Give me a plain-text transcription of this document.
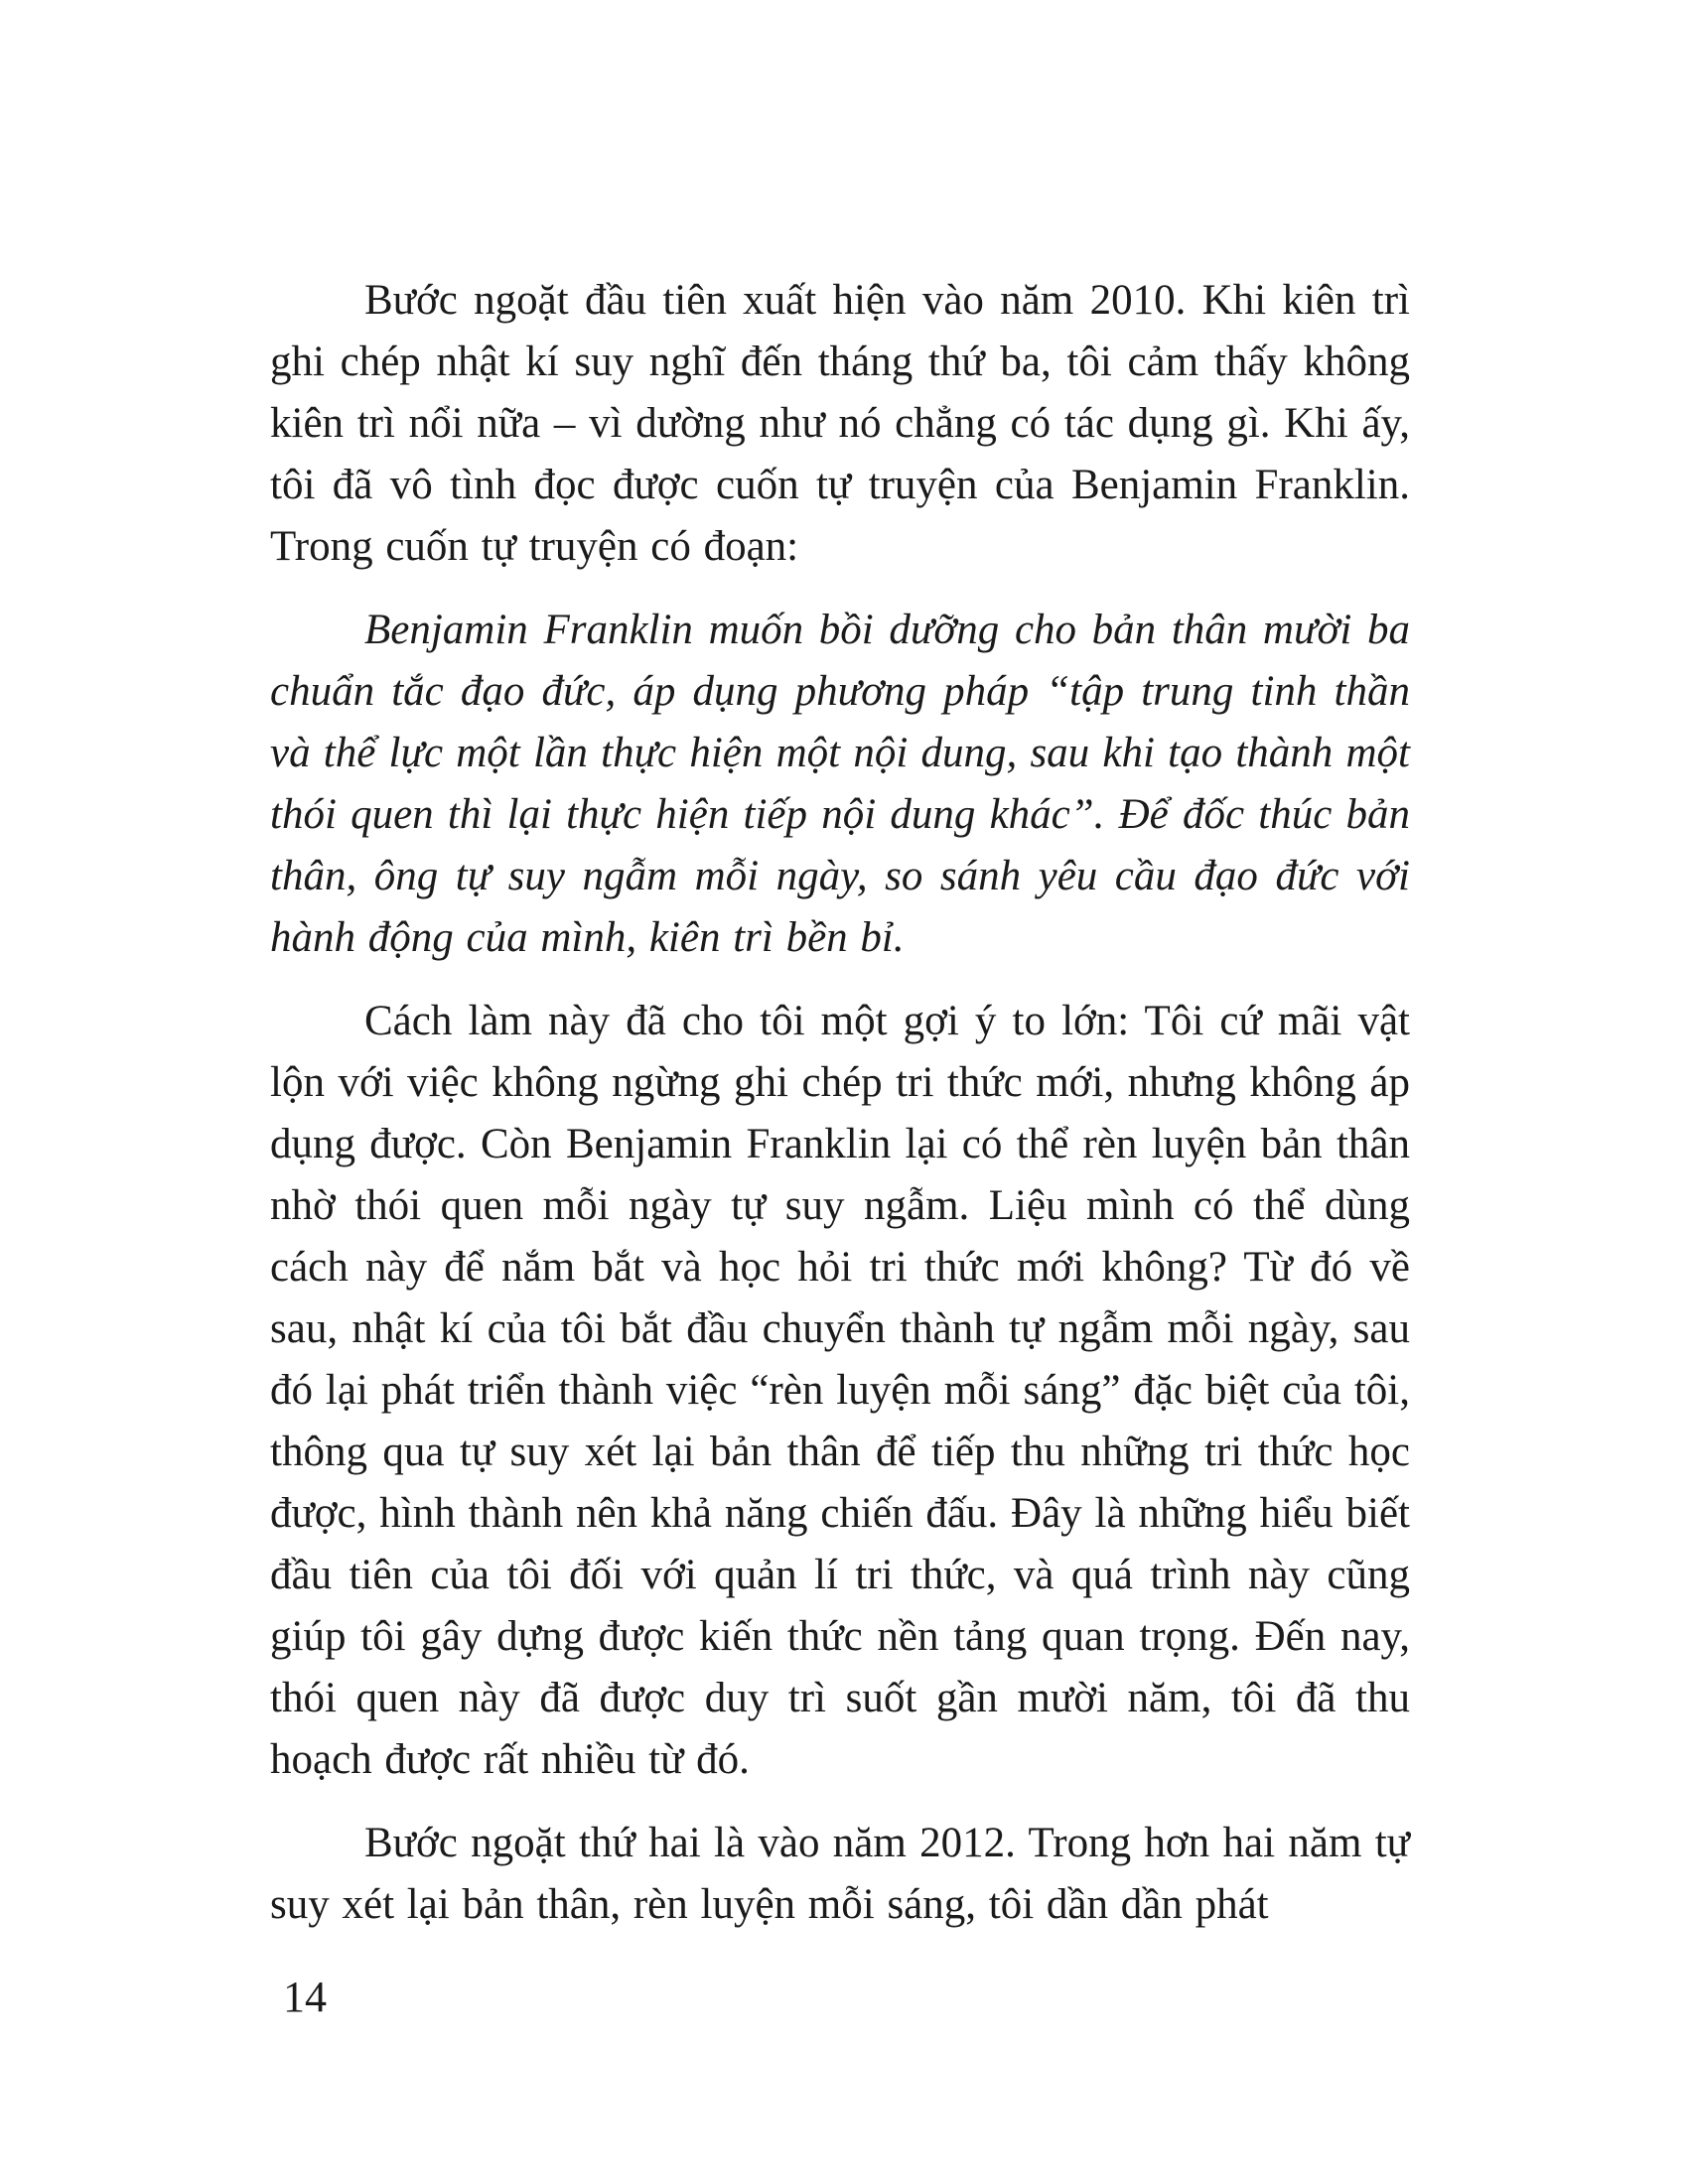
Bước ngoặt đầu tiên xuất hiện vào năm 2010. Khi kiên trì ghi chép nhật kí suy nghĩ đến tháng thứ ba, tôi cảm thấy không kiên trì nổi nữa – vì dường như nó chẳng có tác dụng gì. Khi ấy, tôi đã vô tình đọc được cuốn tự truyện của Benjamin Franklin. Trong cuốn tự truyện có đoạn:

Benjamin Franklin muốn bồi dưỡng cho bản thân mười ba chuẩn tắc đạo đức, áp dụng phương pháp “tập trung tinh thần và thể lực một lần thực hiện một nội dung, sau khi tạo thành một thói quen thì lại thực hiện tiếp nội dung khác”. Để đốc thúc bản thân, ông tự suy ngẫm mỗi ngày, so sánh yêu cầu đạo đức với hành động của mình, kiên trì bền bỉ.

Cách làm này đã cho tôi một gợi ý to lớn: Tôi cứ mãi vật lộn với việc không ngừng ghi chép tri thức mới, nhưng không áp dụng được. Còn Benjamin Franklin lại có thể rèn luyện bản thân nhờ thói quen mỗi ngày tự suy ngẫm. Liệu mình có thể dùng cách này để nắm bắt và học hỏi tri thức mới không? Từ đó về sau, nhật kí của tôi bắt đầu chuyển thành tự ngẫm mỗi ngày, sau đó lại phát triển thành việc “rèn luyện mỗi sáng” đặc biệt của tôi, thông qua tự suy xét lại bản thân để tiếp thu những tri thức học được, hình thành nên khả năng chiến đấu. Đây là những hiểu biết đầu tiên của tôi đối với quản lí tri thức, và quá trình này cũng giúp tôi gây dựng được kiến thức nền tảng quan trọng. Đến nay, thói quen này đã được duy trì suốt gần mười năm, tôi đã thu hoạch được rất nhiều từ đó.

Bước ngoặt thứ hai là vào năm 2012. Trong hơn hai năm tự suy xét lại bản thân, rèn luyện mỗi sáng, tôi dần dần phát

14
